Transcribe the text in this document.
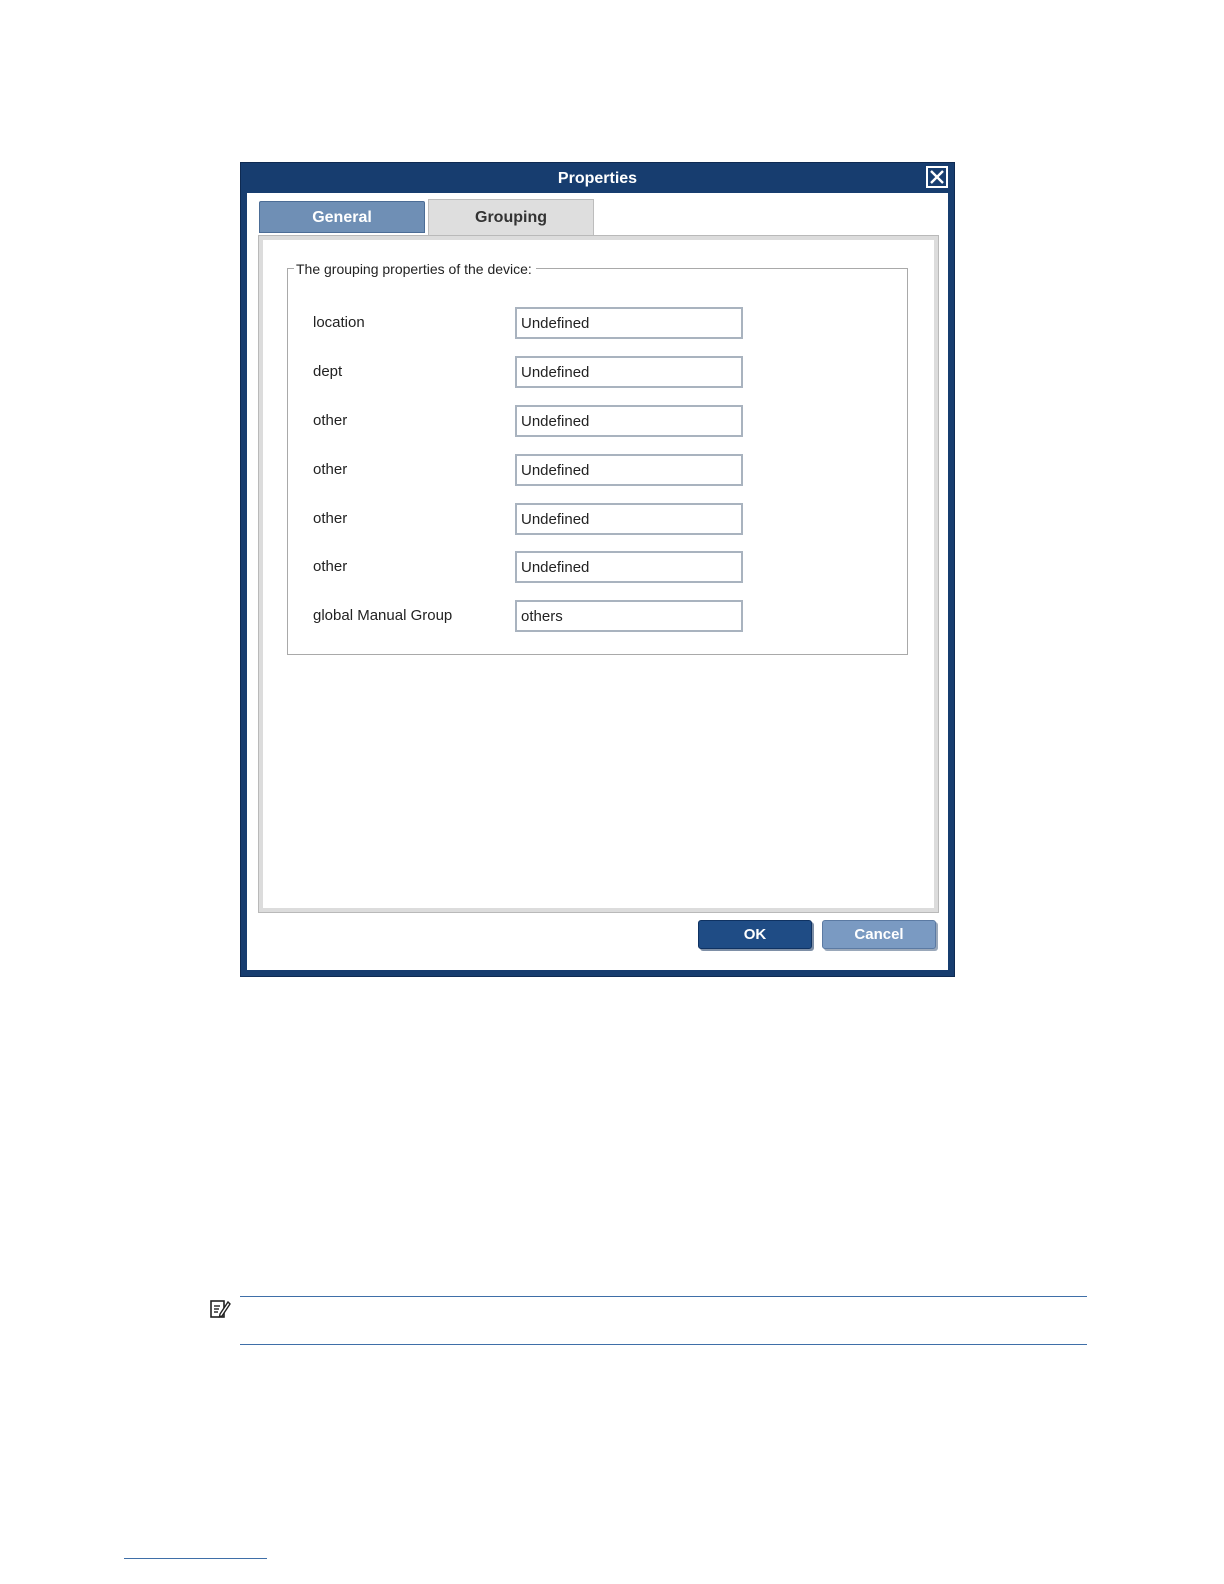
Properties
General	Grouping
The grouping properties of the device:
location
Undefined
dept
Undefined
other
Undefined
other
Undefined
other
Undefined
other
Undefined
global Manual Group
others
OK	Cancel
